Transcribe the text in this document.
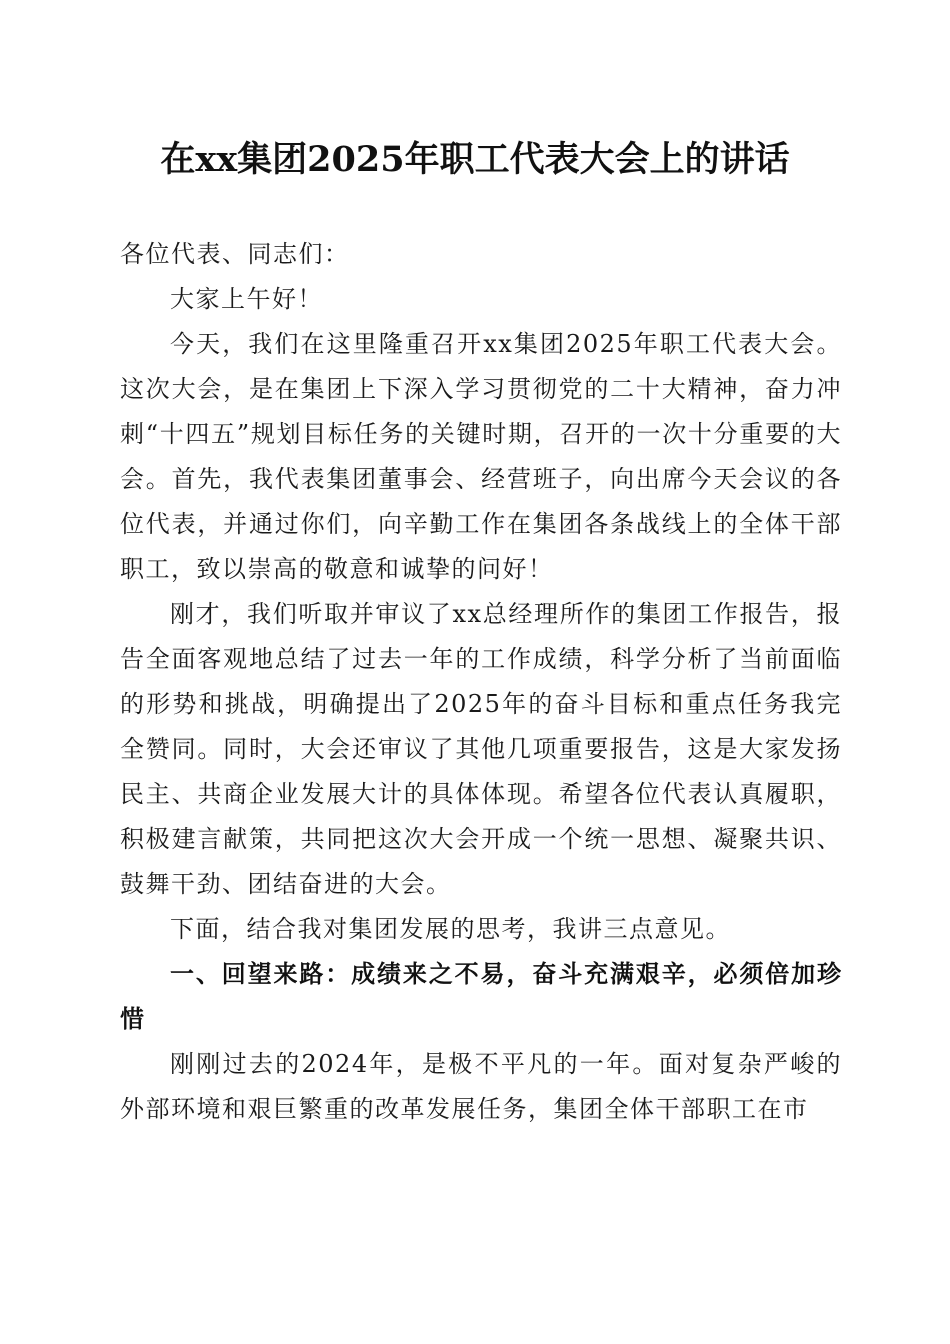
在xx集团2025年职工代表大会上的讲话

各位代表、同志们：

大家上午好！

今天，我们在这里隆重召开xx集团2025年职工代表大会。这次大会，是在集团上下深入学习贯彻党的二十大精神，奋力冲刺“十四五”规划目标任务的关键时期，召开的一次十分重要的大会。首先，我代表集团董事会、经营班子，向出席今天会议的各位代表，并通过你们，向辛勤工作在集团各条战线上的全体干部职工，致以崇高的敬意和诚挚的问好！

刚才，我们听取并审议了xx总经理所作的集团工作报告，报告全面客观地总结了过去一年的工作成绩，科学分析了当前面临的形势和挑战，明确提出了2025年的奋斗目标和重点任务我完全赞同。同时，大会还审议了其他几项重要报告，这是大家发扬民主、共商企业发展大计的具体体现。希望各位代表认真履职，积极建言献策，共同把这次大会开成一个统一思想、凝聚共识、鼓舞干劲、团结奋进的大会。

下面，结合我对集团发展的思考，我讲三点意见。

一、回望来路：成绩来之不易，奋斗充满艰辛，必须倍加珍惜

刚刚过去的2024年，是极不平凡的一年。面对复杂严峻的外部环境和艰巨繁重的改革发展任务，集团全体干部职工在市
